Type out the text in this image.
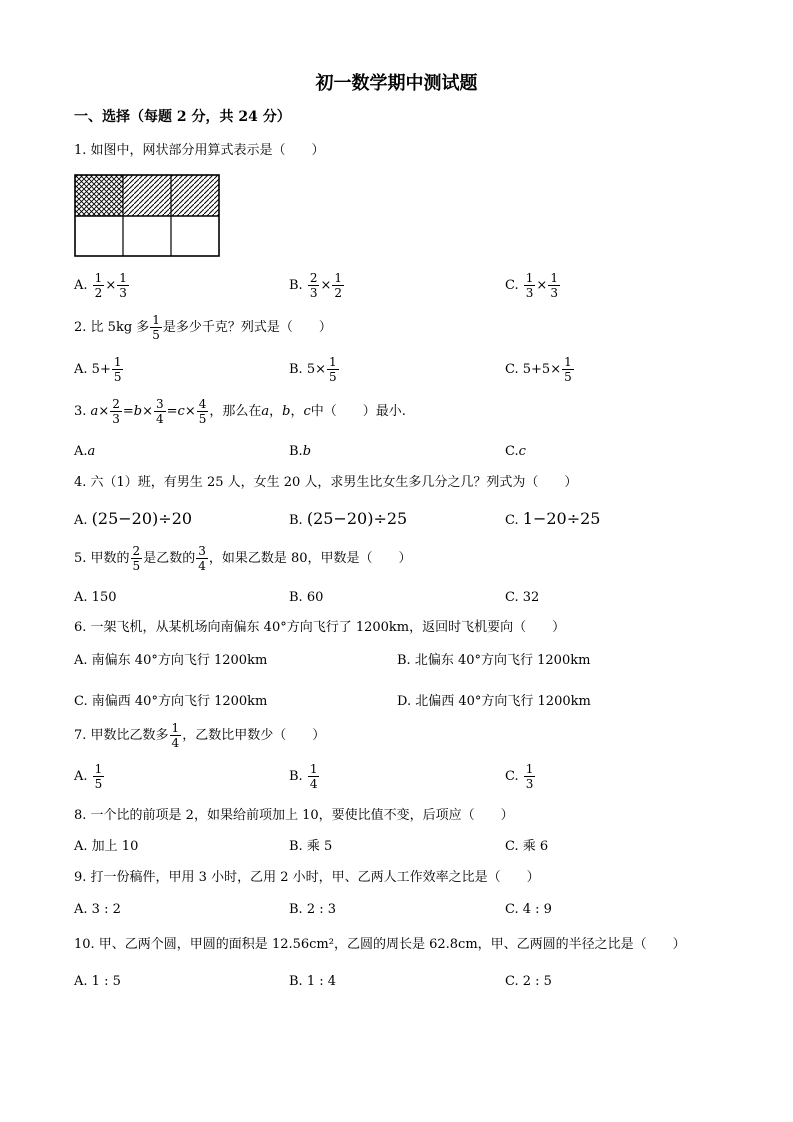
初一数学期中测试题
一、选择（每题 2 分，共 24 分）
1. 如图中，网状部分用算式表示是（　　）
A. $\frac{1}{2} \times \frac{1}{3}$	B. $\frac{2}{3} \times \frac{1}{2}$	C. $\frac{1}{3} \times \frac{1}{3}$
2. 比 5kg 多 $\frac{1}{5}$ 是多少千克？列式是（　　）
A. $5+ \frac{1}{5}$	B. $5\times \frac{1}{5}$	C. $5+5\times \frac{1}{5}$
3. $a\times \frac{2}{3} =b\times \frac{3}{4} =c\times \frac{4}{5}$ ，那么在a，b，c中（　　）最小.
A.a	B.b	C.c
4. 六（1）班，有男生 25 人，女生 20 人，求男生比女生多几分之几？列式为（　　）
A. (25−20)÷20	B. (25−20)÷25	C. 1−20÷25
5. 甲数的 $\frac{2}{5}$ 是乙数的 $\frac{3}{4}$ ，如果乙数是 80，甲数是（　　）
A. 150	B. 60	C. 32
6. 一架飞机，从某机场向南偏东 40°方向飞行了 1200km，返回时飞机要向（　　）
A. 南偏东 40°方向飞行 1200km	B. 北偏东 40°方向飞行 1200km
C. 南偏西 40°方向飞行 1200km	D. 北偏西 40°方向飞行 1200km
7. 甲数比乙数多 $\frac{1}{4}$ ，乙数比甲数少（　　）
A. $\frac{1}{5}$	B. $\frac{1}{4}$	C. $\frac{1}{3}$
8. 一个比的前项是 2，如果给前项加上 10，要使比值不变，后项应（　　）
A. 加上 10	B. 乘 5	C. 乘 6
9. 打一份稿件，甲用 3 小时，乙用 2 小时，甲、乙两人工作效率之比是（　　）
A. 3 : 2	B. 2 : 3	C. 4 : 9
10. 甲、乙两个圆，甲圆的面积是 12.56cm²，乙圆的周长是 62.8cm，甲、乙两圆的半径之比是（　　）
A. 1 : 5	B. 1 : 4	C. 2 : 5
